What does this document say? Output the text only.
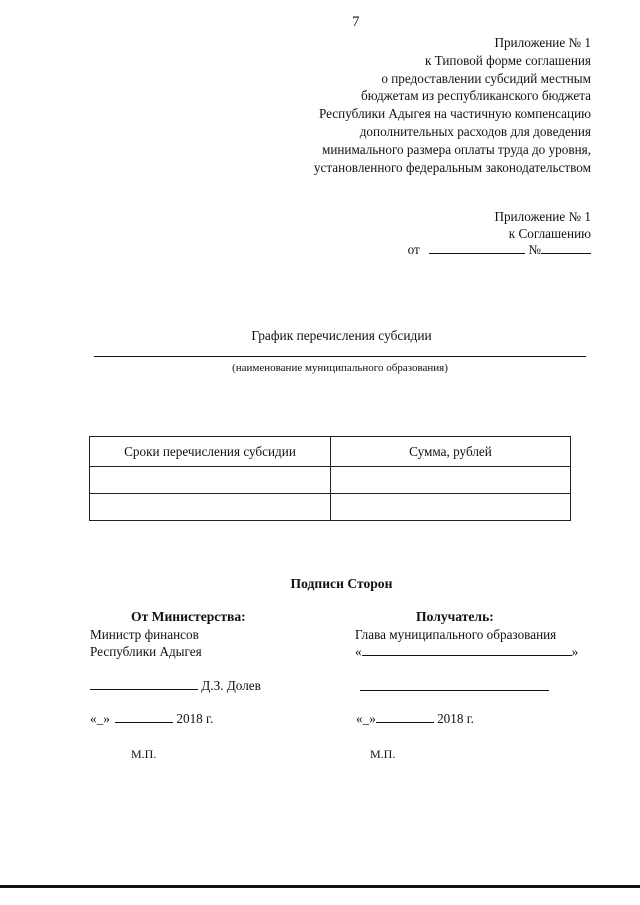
7
Приложение № 1
к Типовой форме соглашения
о предоставлении субсидий местным
бюджетам из республиканского бюджета
Республики Адыгея на частичную компенсацию
дополнительных расходов для доведения
минимального размера оплаты труда до уровня,
установленного федеральным законодательством
Приложение № 1
к Соглашению
от	№
График перечисления субсидии
(наименование муниципального образования)
Сроки перечисления субсидии	Сумма, рублей

Подписи Сторон
От Министерства:	Получатель:
Министр финансов
Республики Адыгея
Глава муниципального образования
«	»
Д.З. Долев
«_»	2018 г.	«_»	2018 г.
М.П.	М.П.
